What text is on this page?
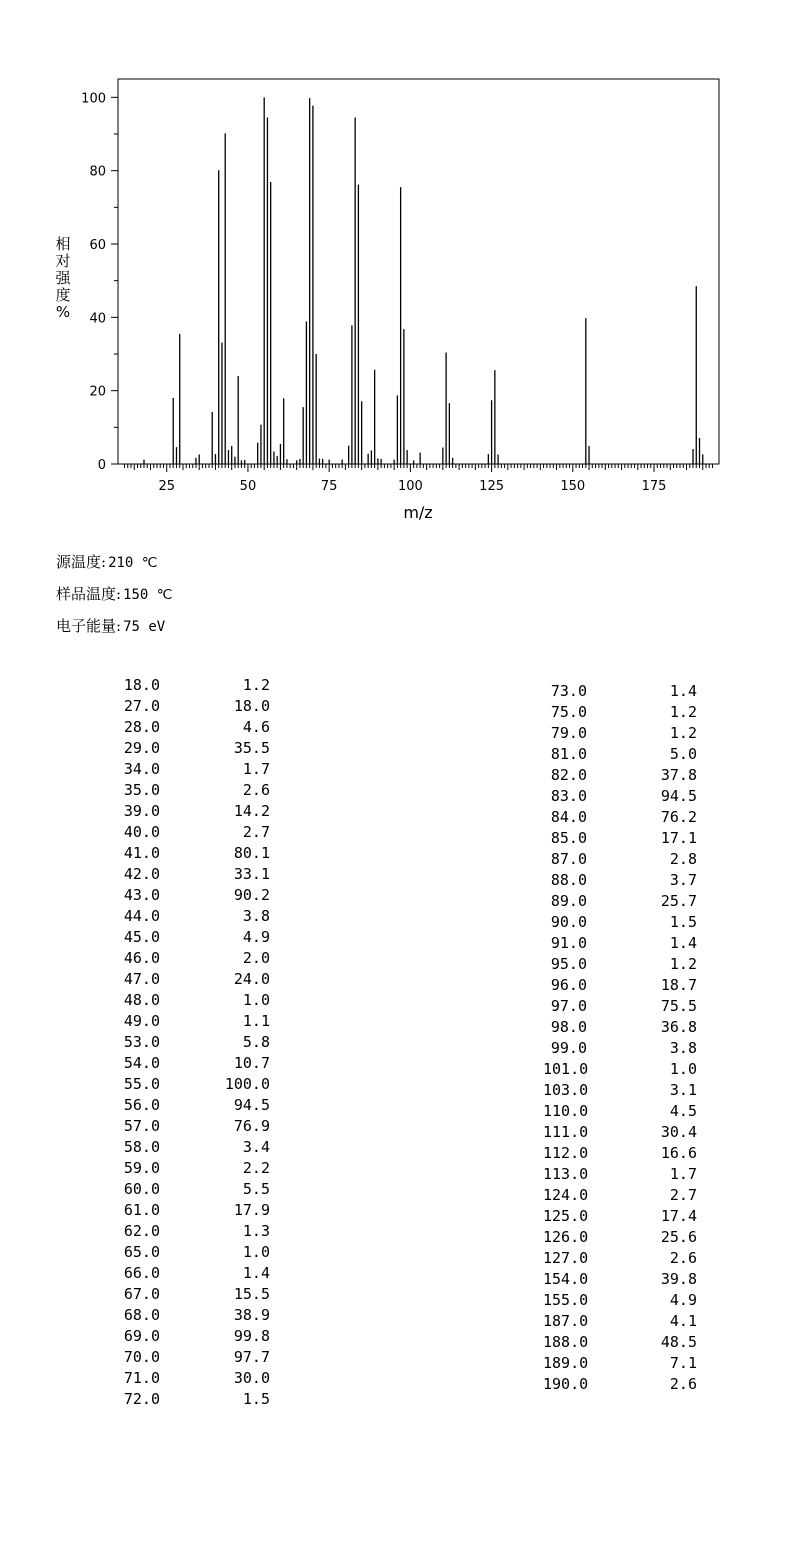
0
20
40
60
80
100
25	50	75	100	125	150	175
m/z
相
对
强
度
%
源温度: 210 ℃
样品温度: 150 ℃
电子能量: 75 eV
18.0	1.2
27.0	18.0
28.0	4.6
29.0	35.5
34.0	1.7
35.0	2.6
39.0	14.2
40.0	2.7
41.0	80.1
42.0	33.1
43.0	90.2
44.0	3.8
45.0	4.9
46.0	2.0
47.0	24.0
48.0	1.0
49.0	1.1
53.0	5.8
54.0	10.7
55.0	100.0
56.0	94.5
57.0	76.9
58.0	3.4
59.0	2.2
60.0	5.5
61.0	17.9
62.0	1.3
65.0	1.0
66.0	1.4
67.0	15.5
68.0	38.9
69.0	99.8
70.0	97.7
71.0	30.0
72.0	1.5
73.0	1.4
75.0	1.2
79.0	1.2
81.0	5.0
82.0	37.8
83.0	94.5
84.0	76.2
85.0	17.1
87.0	2.8
88.0	3.7
89.0	25.7
90.0	1.5
91.0	1.4
95.0	1.2
96.0	18.7
97.0	75.5
98.0	36.8
99.0	3.8
101.0	1.0
103.0	3.1
110.0	4.5
111.0	30.4
112.0	16.6
113.0	1.7
124.0	2.7
125.0	17.4
126.0	25.6
127.0	2.6
154.0	39.8
155.0	4.9
187.0	4.1
188.0	48.5
189.0	7.1
190.0	2.6
